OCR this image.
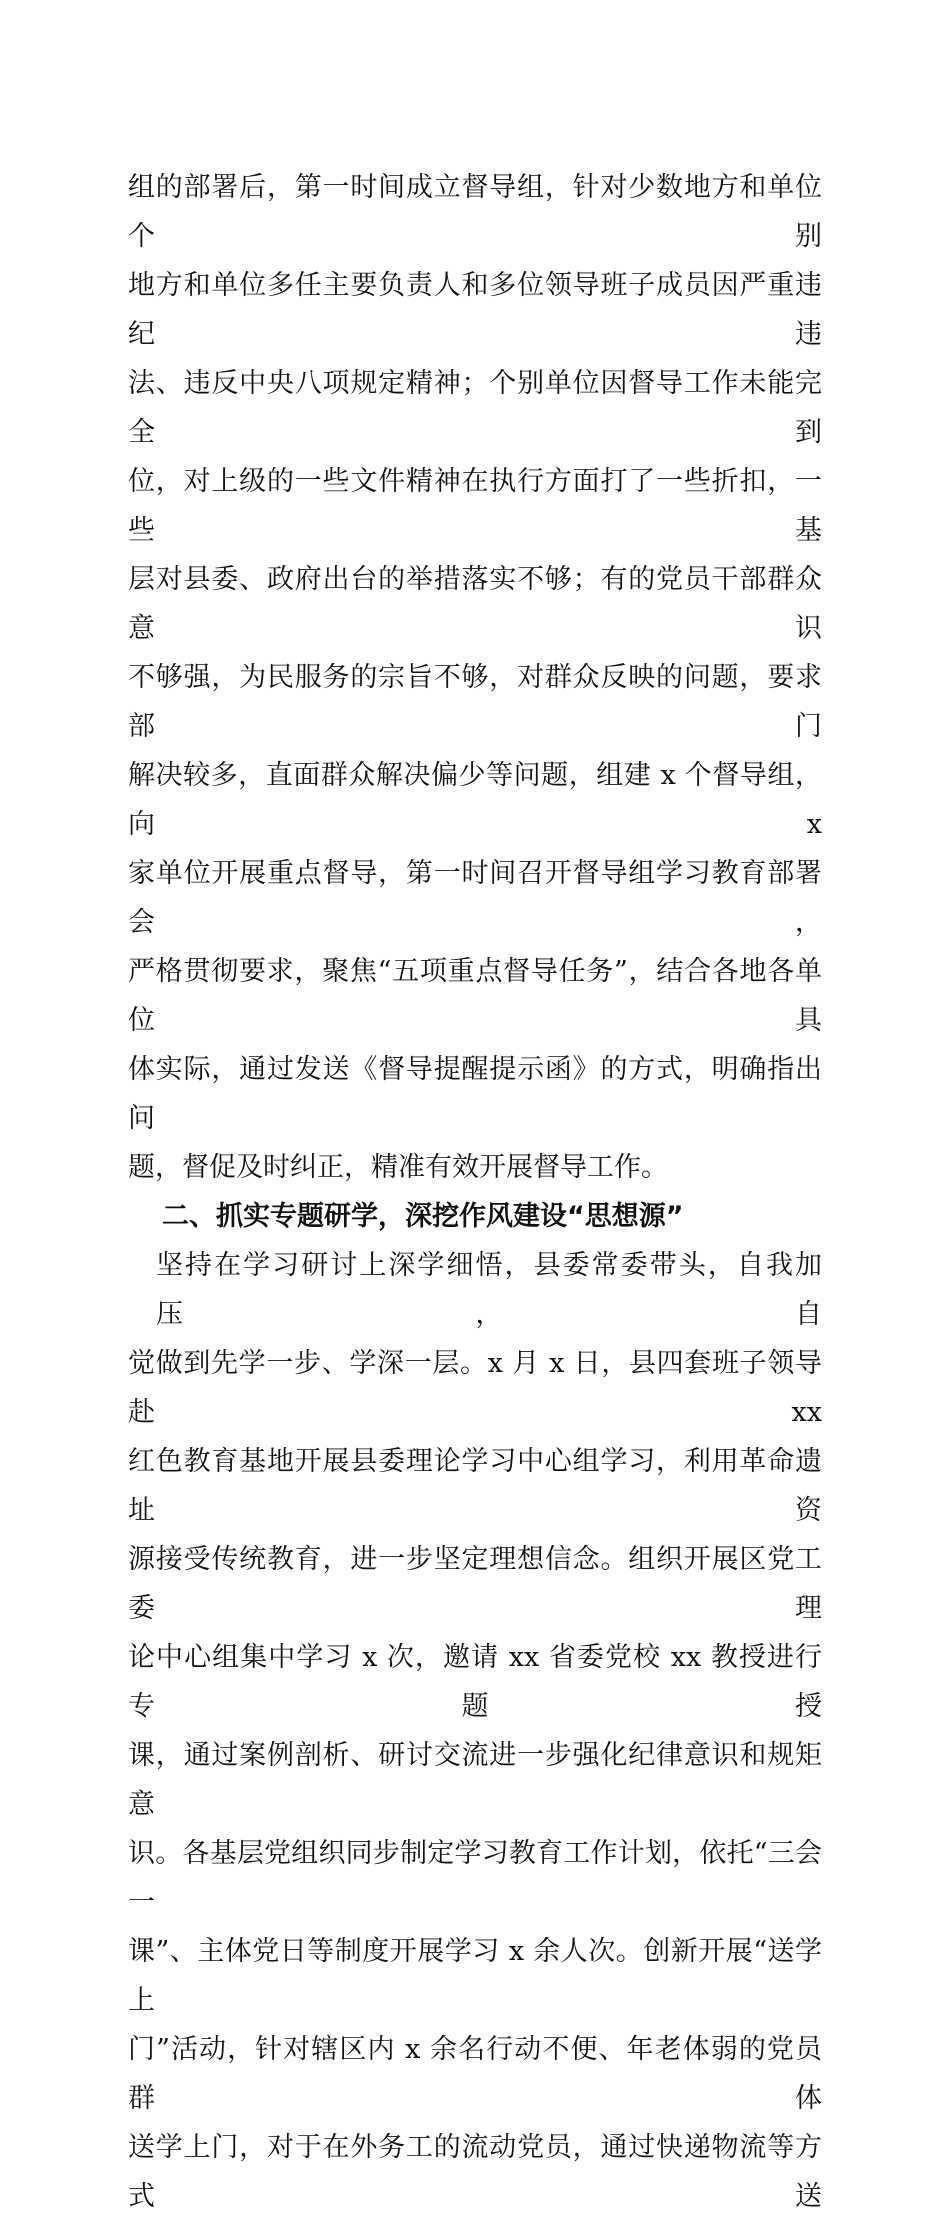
组的部署后，第一时间成立督导组，针对少数地方和单位个别
地方和单位多任主要负责人和多位领导班子成员因严重违纪违
法、违反中央八项规定精神；个别单位因督导工作未能完全到
位，对上级的一些文件精神在执行方面打了一些折扣，一些基
层对县委、政府出台的举措落实不够；有的党员干部群众意识
不够强，为民服务的宗旨不够，对群众反映的问题，要求部门
解决较多，直面群众解决偏少等问题，组建 x 个督导组，向 x
家单位开展重点督导，第一时间召开督导组学习教育部署会，
严格贯彻要求，聚焦“五项重点督导任务”，结合各地各单位具
体实际，通过发送《督导提醒提示函》的方式，明确指出问
题，督促及时纠正，精准有效开展督导工作。
二、抓实专题研学，深挖作风建设“思想源”
坚持在学习研讨上深学细悟，县委常委带头，自我加压，自
觉做到先学一步、学深一层。x 月 x 日，县四套班子领导赴 xx
红色教育基地开展县委理论学习中心组学习，利用革命遗址资
源接受传统教育，进一步坚定理想信念。组织开展区党工委理
论中心组集中学习 x 次，邀请 xx 省委党校 xx 教授进行专题授
课，通过案例剖析、研讨交流进一步强化纪律意识和规矩意
识。各基层党组织同步制定学习教育工作计划，依托“三会一
课”、主体党日等制度开展学习 x 余人次。创新开展“送学上
门”活动，针对辖区内 x 余名行动不便、年老体弱的党员群体
送学上门，对于在外务工的流动党员，通过快递物流等方式送
